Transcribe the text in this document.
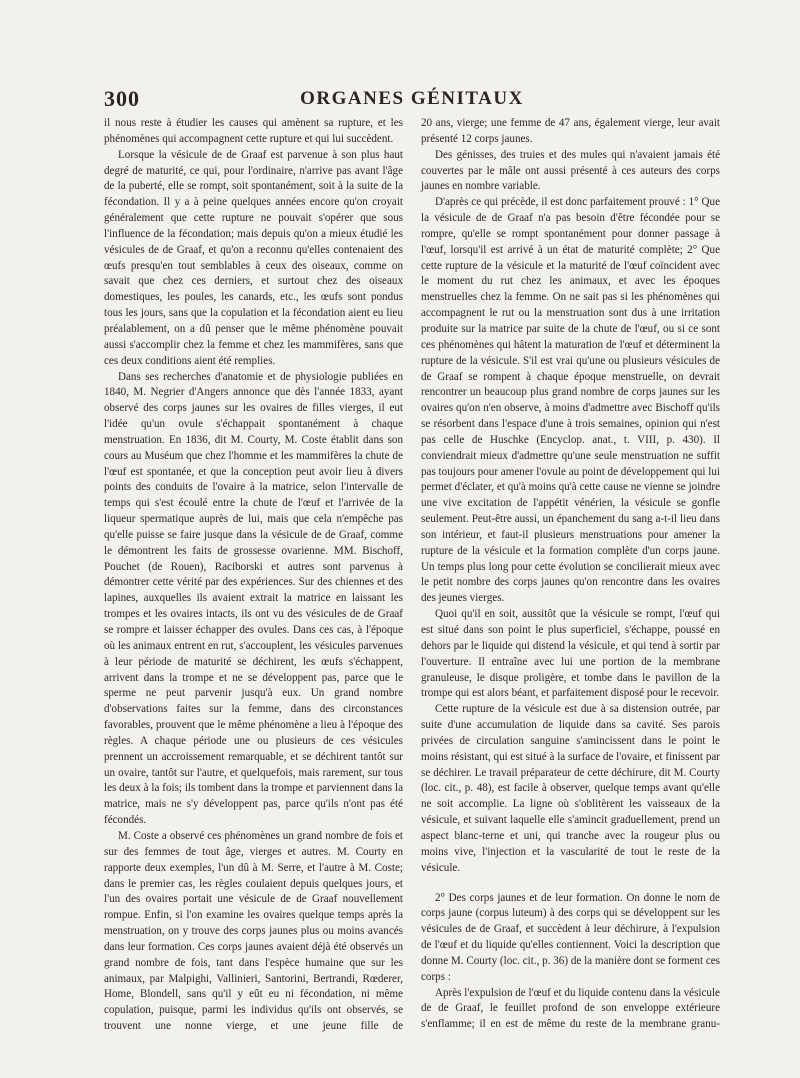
300	ORGANES GÉNITAUX

il nous reste à étudier les causes qui amènent sa rupture, et les phénomènes qui accompagnent cette rupture et qui lui succèdent.

Lorsque la vésicule de de Graaf est parvenue à son plus haut degré de maturité, ce qui, pour l'ordinaire, n'arrive pas avant l'âge de la puberté, elle se rompt, soit spontanément, soit à la suite de la fécondation. Il y a à peine quelques années encore qu'on croyait généralement que cette rupture ne pouvait s'opérer que sous l'influence de la fécondation; mais depuis qu'on a mieux étudié les vésicules de de Graaf, et qu'on a reconnu qu'elles contenaient des œufs presqu'en tout semblables à ceux des oiseaux, comme on savait que chez ces derniers, et surtout chez des oiseaux domestiques, les poules, les canards, etc., les œufs sont pondus tous les jours, sans que la copulation et la fécondation aient eu lieu préalablement, on a dû penser que le même phénomène pouvait aussi s'accomplir chez la femme et chez les mammifères, sans que ces deux conditions aient été remplies.

Dans ses recherches d'anatomie et de physiologie publiées en 1840, M. Negrier d'Angers annonce que dès l'année 1833, ayant observé des corps jaunes sur les ovaires de filles vierges, il eut l'idée qu'un ovule s'échappait spontanément à chaque menstruation. En 1836, dit M. Courty, M. Coste établit dans son cours au Muséum que chez l'homme et les mammifères la chute de l'œuf est spontanée, et que la conception peut avoir lieu à divers points des conduits de l'ovaire à la matrice, selon l'intervalle de temps qui s'est écoulé entre la chute de l'œuf et l'arrivée de la liqueur spermatique auprès de lui, mais que cela n'empêche pas qu'elle puisse se faire jusque dans la vésicule de de Graaf, comme le démontrent les faits de grossesse ovarienne. MM. Bischoff, Pouchet (de Rouen), Raciborski et autres sont parvenus à démontrer cette vérité par des expériences. Sur des chiennes et des lapines, auxquelles ils avaient extrait la matrice en laissant les trompes et les ovaires intacts, ils ont vu des vésicules de de Graaf se rompre et laisser échapper des ovules. Dans ces cas, à l'époque où les animaux entrent en rut, s'accouplent, les vésicules parvenues à leur période de maturité se déchirent, les œufs s'échappent, arrivent dans la trompe et ne se développent pas, parce que le sperme ne peut parvenir jusqu'à eux. Un grand nombre d'observations faites sur la femme, dans des circonstances favorables, prouvent que le même phénomène a lieu à l'époque des règles. A chaque période une ou plusieurs de ces vésicules prennent un accroissement remarquable, et se déchirent tantôt sur un ovaire, tantôt sur l'autre, et quelquefois, mais rarement, sur tous les deux à la fois; ils tombent dans la trompe et parviennent dans la matrice, mais ne s'y développent pas, parce qu'ils n'ont pas été fécondés.

M. Coste a observé ces phénomènes un grand nombre de fois et sur des femmes de tout âge, vierges et autres. M. Courty en rapporte deux exemples, l'un dû à M. Serre, et l'autre à M. Coste; dans le premier cas, les règles coulaient depuis quelques jours, et l'un des ovaires portait une vésicule de de Graaf nouvellement rompue. Enfin, si l'on examine les ovaires quelque temps après la menstruation, on y trouve des corps jaunes plus ou moins avancés dans leur formation. Ces corps jaunes avaient déjà été observés un grand nombre de fois, tant dans l'espèce humaine que sur les animaux, par Malpighi, Vallinieri, Santorini, Bertrandi, Rœderer, Home, Blondell, sans qu'il y eût eu ni fécondation, ni même copulation, puisque, parmi les individus qu'ils ont observés, se trouvent une nonne vierge, et une jeune fille de

20 ans, vierge; une femme de 47 ans, également vierge, leur avait présenté 12 corps jaunes.

Des génisses, des truies et des mules qui n'avaient jamais été couvertes par le mâle ont aussi présenté à ces auteurs des corps jaunes en nombre variable.

D'après ce qui précède, il est donc parfaitement prouvé : 1° Que la vésicule de de Graaf n'a pas besoin d'être fécondée pour se rompre, qu'elle se rompt spontanément pour donner passage à l'œuf, lorsqu'il est arrivé à un état de maturité complète; 2° Que cette rupture de la vésicule et la maturité de l'œuf coïncident avec le moment du rut chez les animaux, et avec les époques menstruelles chez la femme. On ne sait pas si les phénomènes qui accompagnent le rut ou la menstruation sont dus à une irritation produite sur la matrice par suite de la chute de l'œuf, ou si ce sont ces phénomènes qui hâtent la maturation de l'œuf et déterminent la rupture de la vésicule. S'il est vrai qu'une ou plusieurs vésicules de de Graaf se rompent à chaque époque menstruelle, on devrait rencontrer un beaucoup plus grand nombre de corps jaunes sur les ovaires qu'on n'en observe, à moins d'admettre avec Bischoff qu'ils se résorbent dans l'espace d'une à trois semaines, opinion qui n'est pas celle de Huschke (Encyclop. anat., t. VIII, p. 430). Il conviendrait mieux d'admettre qu'une seule menstruation ne suffit pas toujours pour amener l'ovule au point de développement qui lui permet d'éclater, et qu'à moins qu'à cette cause ne vienne se joindre une vive excitation de l'appétit vénérien, la vésicule se gonfle seulement. Peut-être aussi, un épanchement du sang a-t-il lieu dans son intérieur, et faut-il plusieurs menstruations pour amener la rupture de la vésicule et la formation complète d'un corps jaune. Un temps plus long pour cette évolution se concilierait mieux avec le petit nombre des corps jaunes qu'on rencontre dans les ovaires des jeunes vierges.

Quoi qu'il en soit, aussitôt que la vésicule se rompt, l'œuf qui est situé dans son point le plus superficiel, s'échappe, poussé en dehors par le liquide qui distend la vésicule, et qui tend à sortir par l'ouverture. Il entraîne avec lui une portion de la membrane granuleuse, le disque proligère, et tombe dans le pavillon de la trompe qui est alors béant, et parfaitement disposé pour le recevoir.

Cette rupture de la vésicule est due à sa distension outrée, par suite d'une accumulation de liquide dans sa cavité. Ses parois privées de circulation sanguine s'amincissent dans le point le moins résistant, qui est situé à la surface de l'ovaire, et finissent par se déchirer. Le travail préparateur de cette déchirure, dit M. Courty (loc. cit., p. 48), est facile à observer, quelque temps avant qu'elle ne soit accomplie. La ligne où s'oblitèrent les vaisseaux de la vésicule, et suivant laquelle elle s'amincit graduellement, prend un aspect blanc-terne et uni, qui tranche avec la rougeur plus ou moins vive, l'injection et la vascularité de tout le reste de la vésicule.

2° Des corps jaunes et de leur formation. On donne le nom de corps jaune (corpus luteum) à des corps qui se développent sur les vésicules de de Graaf, et succèdent à leur déchirure, à l'expulsion de l'œuf et du liquide qu'elles contiennent. Voici la description que donne M. Courty (loc. cit., p. 36) de la manière dont se forment ces corps :

Après l'expulsion de l'œuf et du liquide contenu dans la vésicule de de Graaf, le feuillet profond de son enveloppe extérieure s'enflamme; il en est de même du reste de la membrane granu-
